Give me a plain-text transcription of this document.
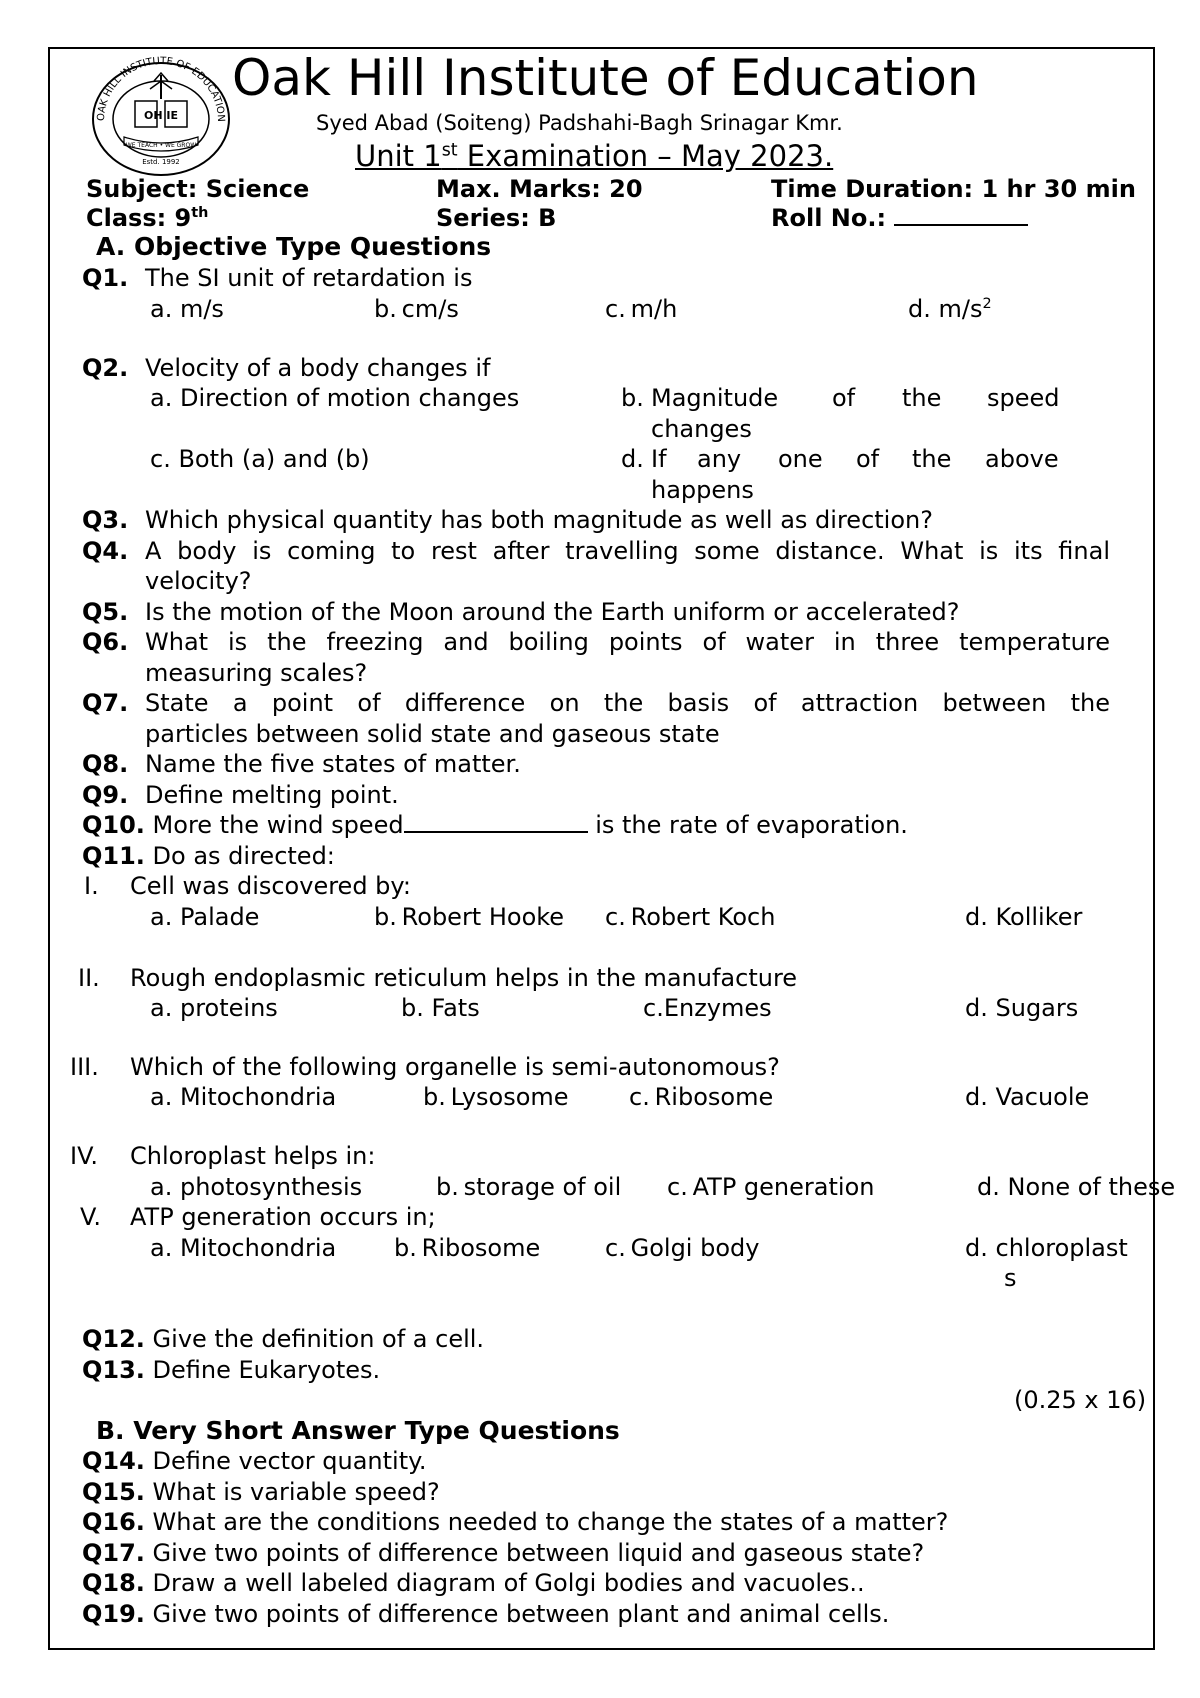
OAK HILL INSTITUTE OF EDUCATION
OH IE
WE TEACH • WE GROW
Estd. 1992
Oak Hill Institute of Education
Syed Abad (Soiteng) Padshahi-Bagh Srinagar Kmr.
Unit 1st Examination – May 2023.
Subject: Science	Max. Marks: 20	Time Duration: 1 hr 30 min
Class: 9th	Series: B	Roll No.:
A. Objective Type Questions
Q1. The SI unit of retardation is
a. m/s	b. cm/s	c. m/h	d. $m/s^2$
Q2. Velocity of a body changes if
a. Direction of motion changes	b. Magnitude of the speed
changes
c. Both (a) and (b)	d. If any one of the above
happens
Q3. Which physical quantity has both magnitude as well as direction?
Q4. A body is coming to rest after travelling some distance. What is its final
velocity?
Q5. Is the motion of the Moon around the Earth uniform or accelerated?
Q6. What is the freezing and boiling points of water in three temperature
measuring scales?
Q7. State a point of difference on the basis of attraction between the
particles between solid state and gaseous state
Q8. Name the five states of matter.
Q9. Define melting point.
Q10. More the wind speed	is the rate of evaporation.
Q11. Do as directed:
I. Cell was discovered by:
a. Palade	b. Robert Hooke c. Robert Koch	d. Kolliker
II. Rough endoplasmic reticulum helps in the manufacture
a. proteins	b. Fats	c.Enzymes	d. Sugars
III. Which of the following organelle is semi-autonomous?
a. Mitochondria	b. Lysosome	c. Ribosome	d. Vacuole
IV. Chloroplast helps in:
a. photosynthesis	b. storage of oil c. ATP generation	d. None of these
V. ATP generation occurs in;
a. Mitochondria b. Ribosome	c. Golgi body	d. chloroplast
s
Q12. Give the definition of a cell.
Q13. Define Eukaryotes.
(0.25 x 16)
B. Very Short Answer Type Questions
Q14. Define vector quantity.
Q15. What is variable speed?
Q16. What are the conditions needed to change the states of a matter?
Q17. Give two points of difference between liquid and gaseous state?
Q18. Draw a well labeled diagram of Golgi bodies and vacuoles..
Q19. Give two points of difference between plant and animal cells.
